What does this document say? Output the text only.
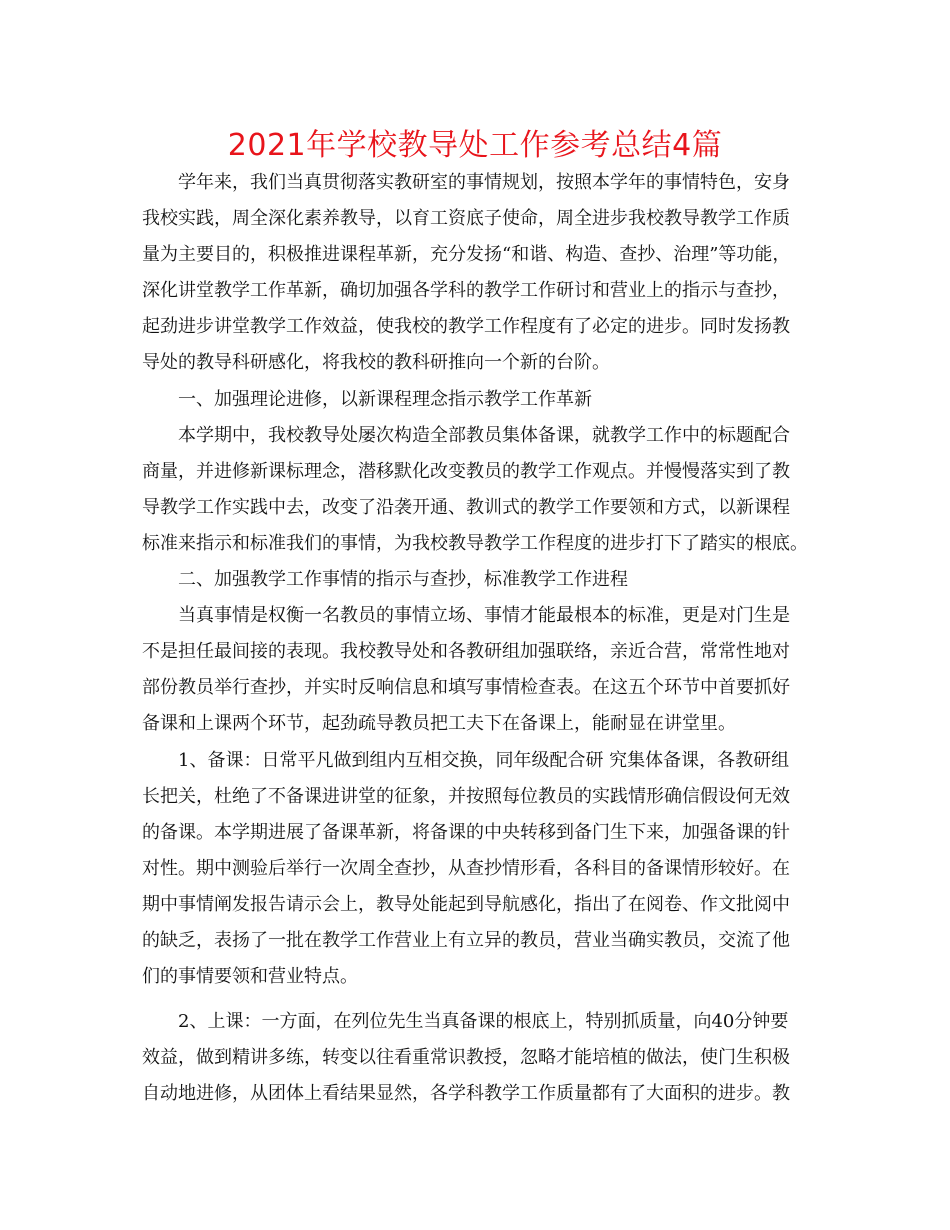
2021年学校教导处工作参考总结4篇
学年来，我们当真贯彻落实教研室的事情规划，按照本学年的事情特色，安身
我校实践，周全深化素养教导，以育工资底子使命，周全进步我校教导教学工作质
量为主要目的，积极推进课程革新，充分发扬“和谐、构造、查抄、治理”等功能，
深化讲堂教学工作革新，确切加强各学科的教学工作研讨和营业上的指示与查抄，
起劲进步讲堂教学工作效益，使我校的教学工作程度有了必定的进步。同时发扬教
导处的教导科研感化，将我校的教科研推向一个新的台阶。
一、加强理论进修，以新课程理念指示教学工作革新
本学期中，我校教导处屡次构造全部教员集体备课，就教学工作中的标题配合
商量，并进修新课标理念，潜移默化改变教员的教学工作观点。并慢慢落实到了教
导教学工作实践中去，改变了沿袭开通、教训式的教学工作要领和方式，以新课程
标准来指示和标准我们的事情，为我校教导教学工作程度的进步打下了踏实的根底。
二、加强教学工作事情的指示与查抄，标准教学工作进程
当真事情是权衡一名教员的事情立场、事情才能最根本的标准，更是对门生是
不是担任最间接的表现。我校教导处和各教研组加强联络，亲近合营，常常性地对
部份教员举行查抄，并实时反响信息和填写事情检查表。在这五个环节中首要抓好
备课和上课两个环节，起劲疏导教员把工夫下在备课上，能耐显在讲堂里。
1、备课：日常平凡做到组内互相交换，同年级配合研 究集体备课，各教研组
长把关，杜绝了不备课进讲堂的征象，并按照每位教员的实践情形确信假设何无效
的备课。本学期进展了备课革新，将备课的中央转移到备门生下来，加强备课的针
对性。期中测验后举行一次周全查抄，从查抄情形看，各科目的备课情形较好。在
期中事情阐发报告请示会上，教导处能起到导航感化，指出了在阅卷、作文批阅中
的缺乏，表扬了一批在教学工作营业上有立异的教员，营业当确实教员，交流了他
们的事情要领和营业特点。
2、上课：一方面，在列位先生当真备课的根底上，特别抓质量，向40分钟要
效益，做到精讲多练，转变以往看重常识教授，忽略才能培植的做法，使门生积极
自动地进修，从团体上看结果显然，各学科教学工作质量都有了大面积的进步。教
